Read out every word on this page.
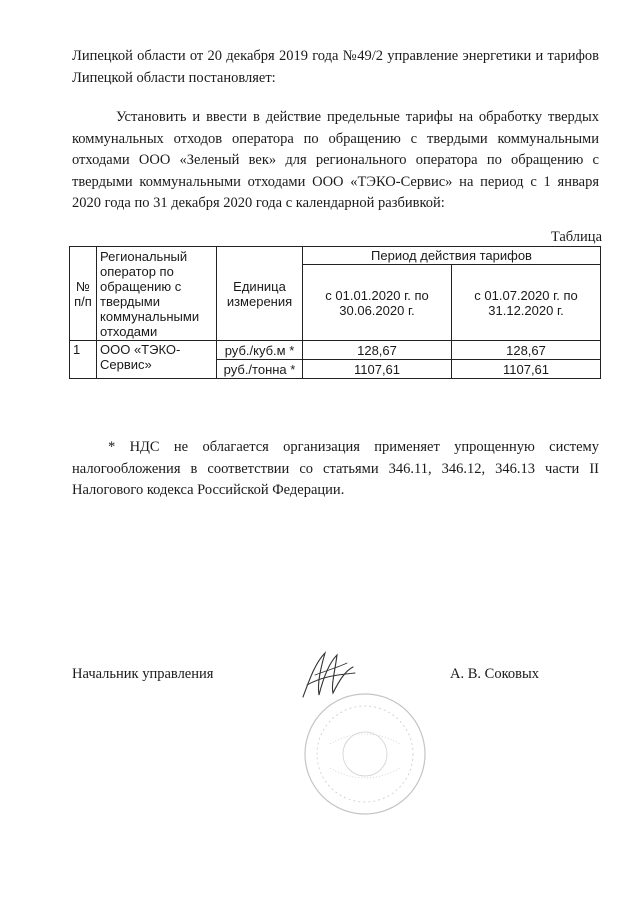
Липецкой области от 20 декабря 2019 года №49/2 управление энергетики и тарифов Липецкой области постановляет:

Установить и ввести в действие предельные тарифы на обработку твердых коммунальных отходов оператора по обращению с твердыми коммунальными отходами ООО «Зеленый век» для регионального оператора по обращению с твердыми коммунальными отходами ООО «ТЭКО-Сервис» на период с 1 января 2020 года по 31 декабря 2020 года с календарной разбивкой:

Таблица
№ п/п	Региональный оператор по обращению с твердыми коммунальными отходами	Единица измерения	Период действия тарифов	
			с 01.01.2020 г. по 30.06.2020 г.	с 01.07.2020 г. по 31.12.2020 г.
1	ООО «ТЭКО-Сервис»	руб./куб.м *	128,67	128,67
		руб./тонна *	1107,61	1107,61

* НДС не облагается организация применяет упрощенную систему налогообложения в соответствии со статьями 346.11, 346.12, 346.13 части II Налогового кодекса Российской Федерации.

Начальник управления	А. В. Соковых
